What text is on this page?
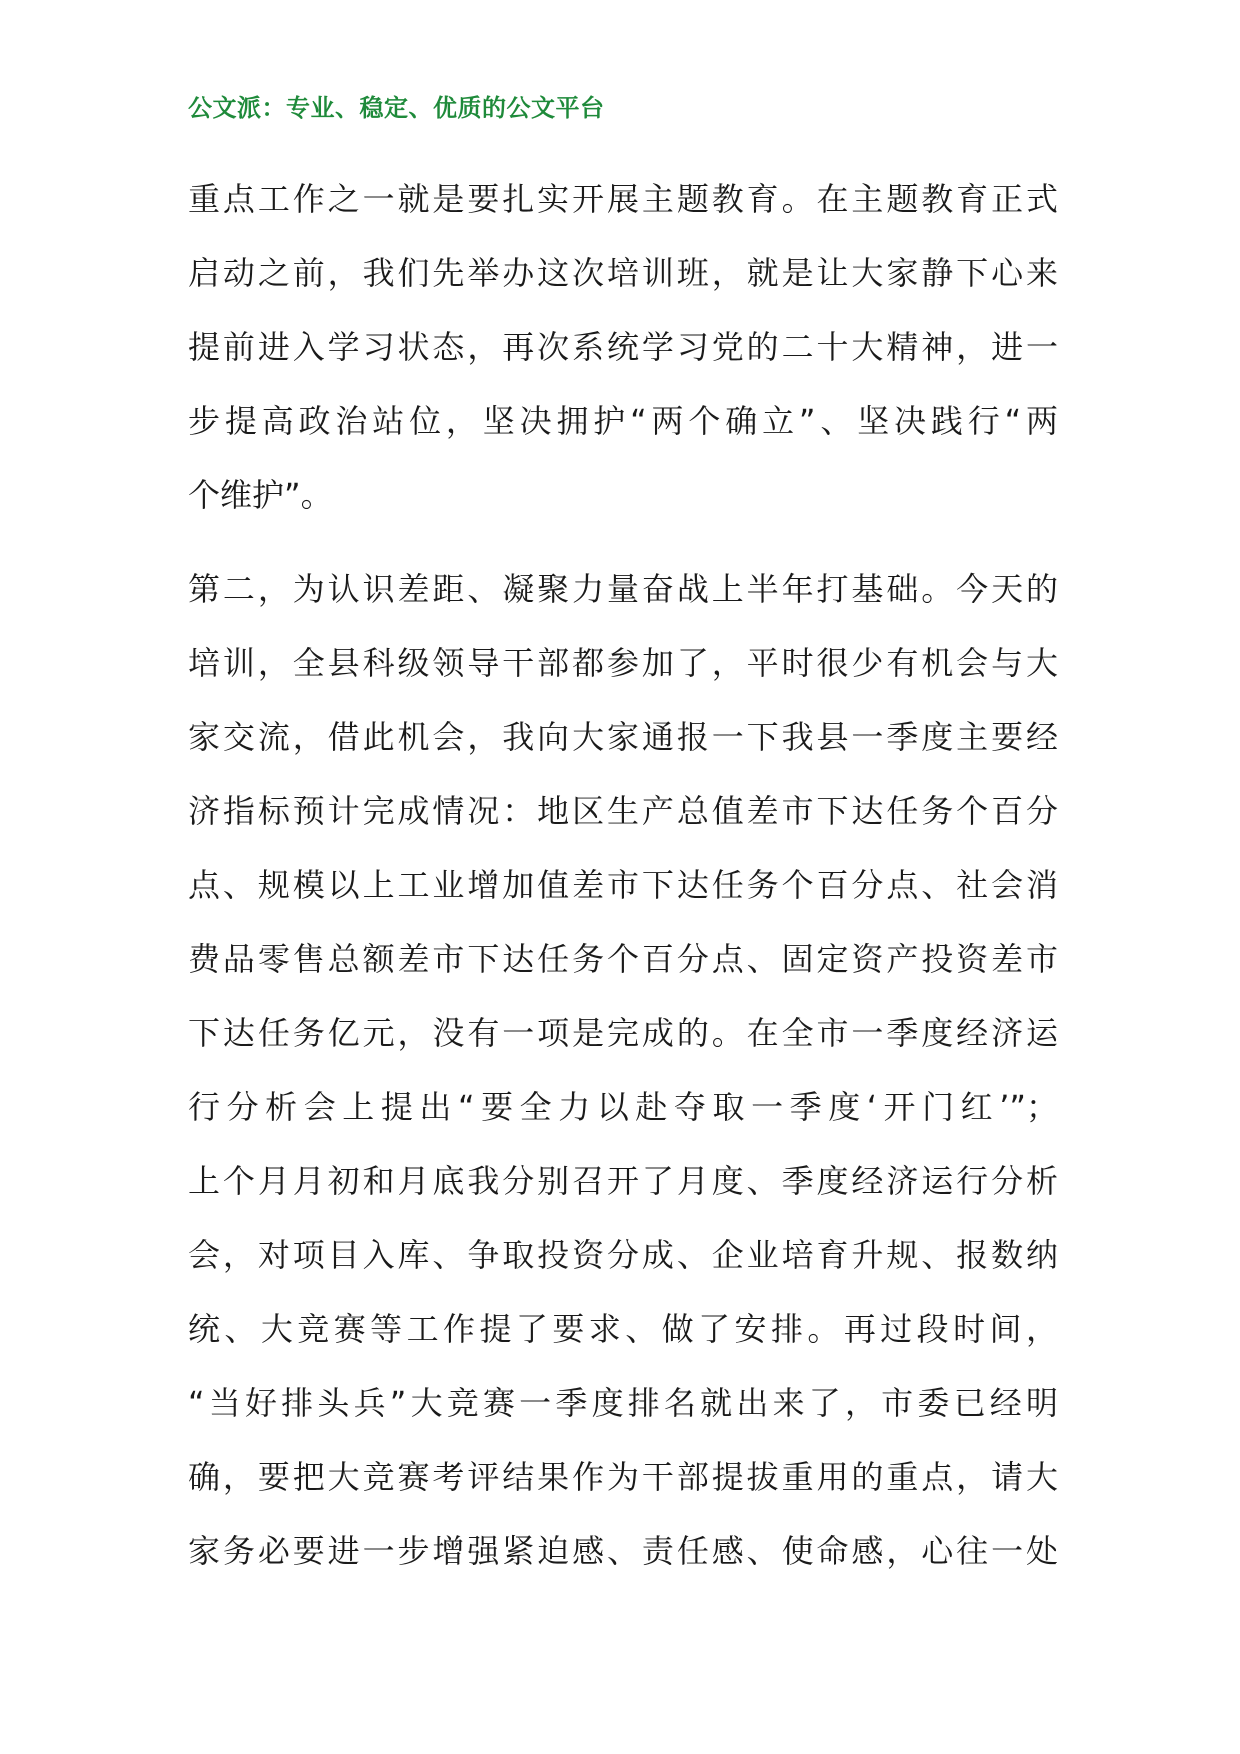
公文派：专业、稳定、优质的公文平台
重点工作之一就是要扎实开展主题教育。在主题教育正式
启动之前，我们先举办这次培训班，就是让大家静下心来
提前进入学习状态，再次系统学习党的二十大精神，进一
步提高政治站位，坚决拥护“两个确立”、坚决践行“两
个维护”。
第二，为认识差距、凝聚力量奋战上半年打基础。今天的
培训，全县科级领导干部都参加了，平时很少有机会与大
家交流，借此机会，我向大家通报一下我县一季度主要经
济指标预计完成情况：地区生产总值差市下达任务个百分
点、规模以上工业增加值差市下达任务个百分点、社会消
费品零售总额差市下达任务个百分点、固定资产投资差市
下达任务亿元，没有一项是完成的。在全市一季度经济运
行分析会上提出“要全力以赴夺取一季度‘开门红’”；
上个月月初和月底我分别召开了月度、季度经济运行分析
会，对项目入库、争取投资分成、企业培育升规、报数纳
统、大竞赛等工作提了要求、做了安排。再过段时间，
“当好排头兵”大竞赛一季度排名就出来了，市委已经明
确，要把大竞赛考评结果作为干部提拔重用的重点，请大
家务必要进一步增强紧迫感、责任感、使命感，心往一处
